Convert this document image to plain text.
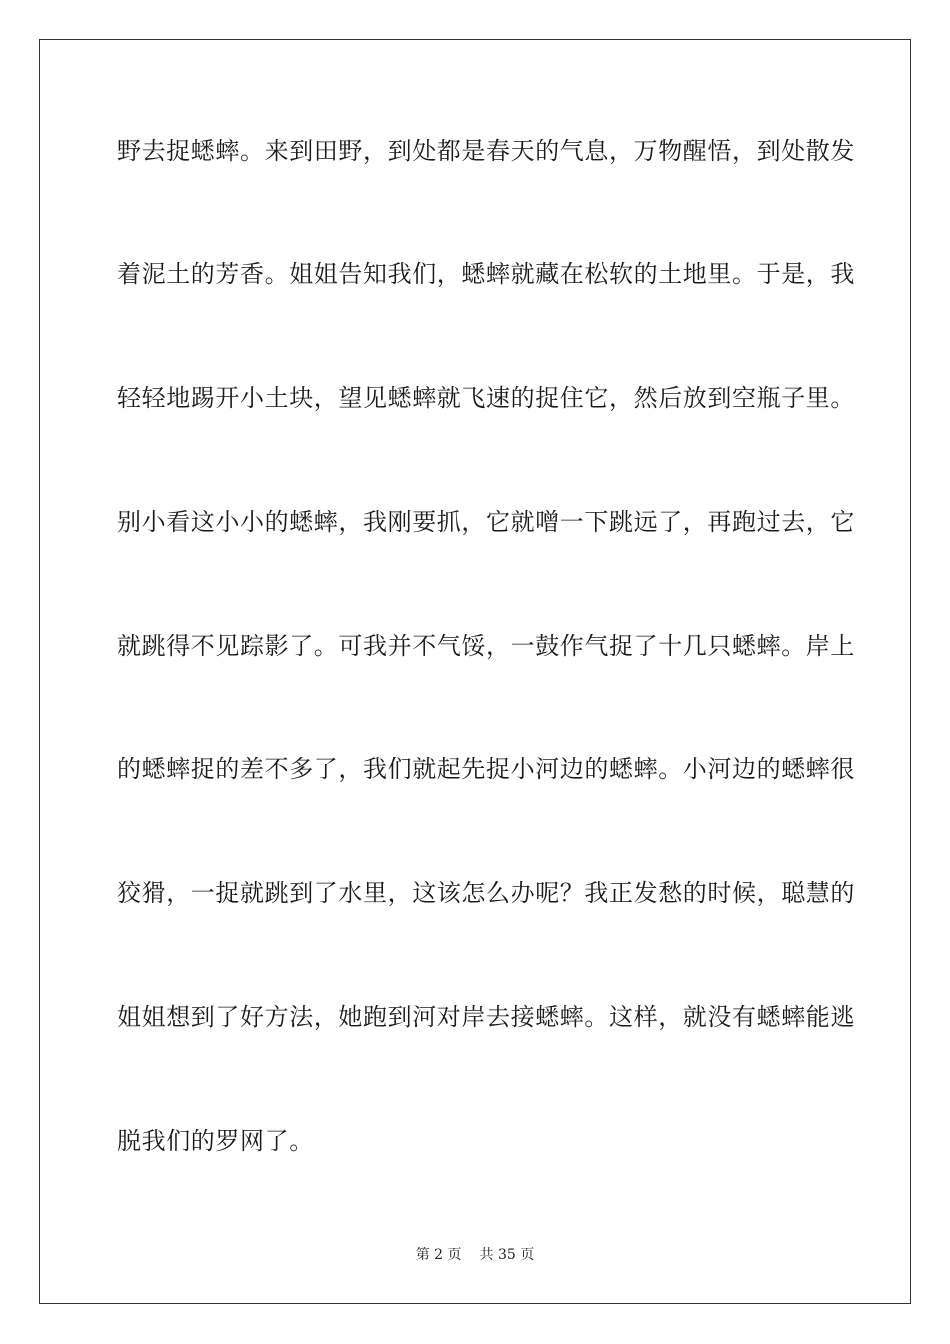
野去捉蟋蟀。来到田野，到处都是春天的气息，万物醒悟，到处散发
着泥土的芳香。姐姐告知我们，蟋蟀就藏在松软的土地里。于是，我
轻轻地踢开小土块，望见蟋蟀就飞速的捉住它，然后放到空瓶子里。
别小看这小小的蟋蟀，我刚要抓，它就噌一下跳远了，再跑过去，它
就跳得不见踪影了。可我并不气馁，一鼓作气捉了十几只蟋蟀。岸上
的蟋蟀捉的差不多了，我们就起先捉小河边的蟋蟀。小河边的蟋蟀很
狡猾，一捉就跳到了水里，这该怎么办呢？我正发愁的时候，聪慧的
姐姐想到了好方法，她跑到河对岸去接蟋蟀。这样，就没有蟋蟀能逃
脱我们的罗网了。
第 2 页 共 35 页
